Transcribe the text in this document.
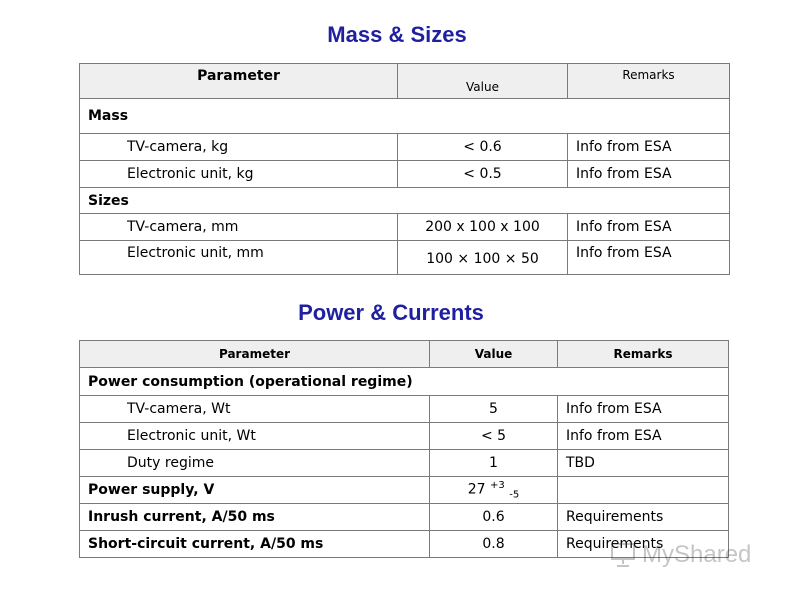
Mass & Sizes
Parameter	Value	Remarks
Mass		
TV-camera, kg	< 0.6	Info from ESA
Electronic unit, kg	< 0.5	Info from ESA
Sizes		
TV-camera, mm	200 x 100 x 100	Info from ESA
Electronic unit, mm	100 × 100 × 50	Info from ESA
Power & Currents
Parameter	Value	Remarks
Power consumption (operational regime)		
TV-camera, Wt	5	Info from ESA
Electronic unit, Wt	< 5	Info from ESA
Duty regime	1	TBD
Power supply, V	27 $^{+3}$ $_{-5}$	
Inrush current, A/50 ms	0.6	Requirements
Short-circuit current, A/50 ms	0.8	Requirements
MyShared
